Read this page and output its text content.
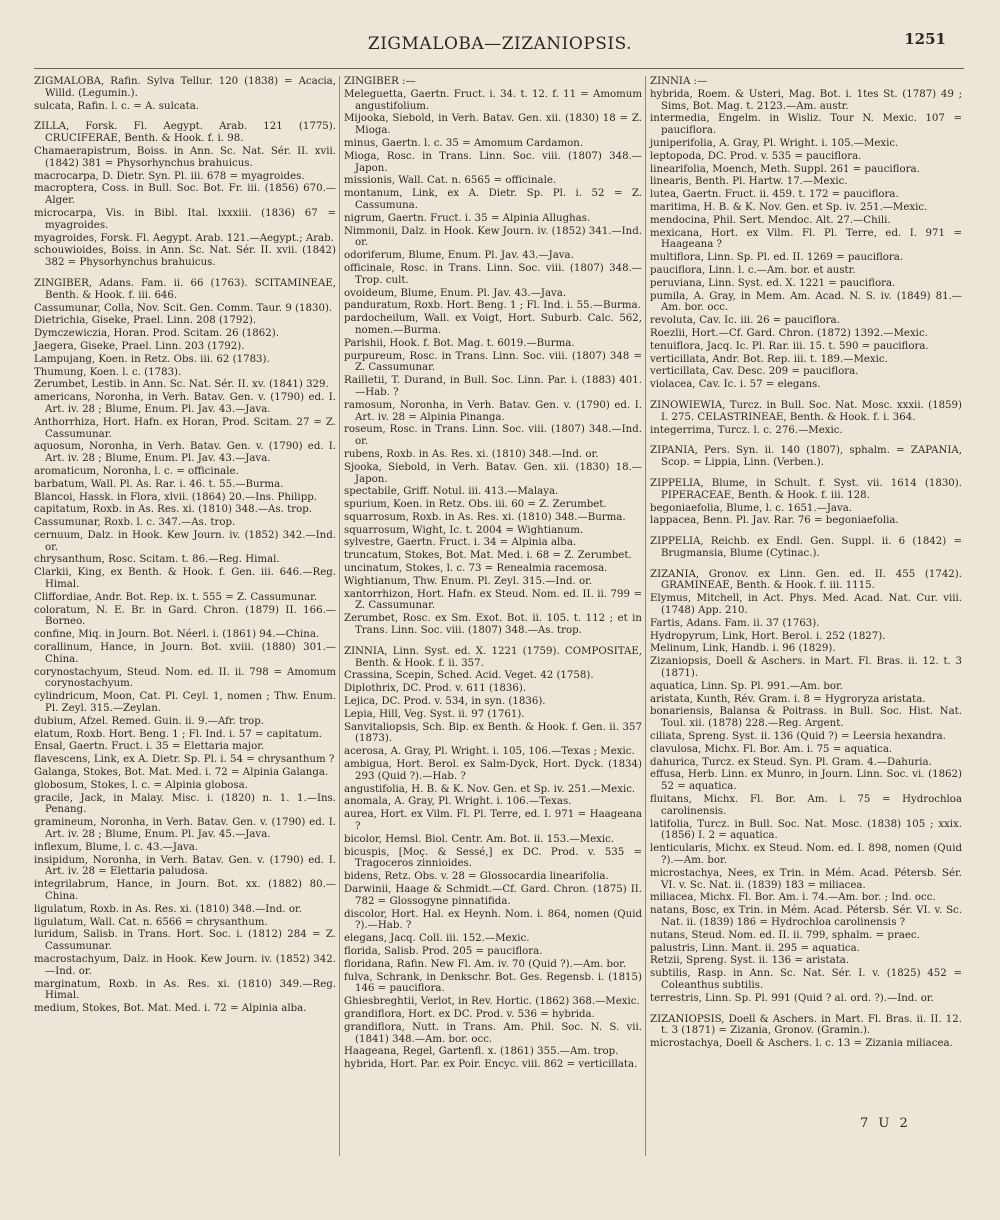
ZIGMALOBA—ZIZANIOPSIS.	1251
ZIGMALOBA, Rafin. Sylva Tellur. 120 (1838) = Acacia, Willd. (Legumin.).
sulcata, Rafin. l. c. = A. sulcata.
ZILLA, Forsk. Fl. Aegypt. Arab. 121 (1775). CRUCIFERAE, Benth. & Hook. f. i. 98.
Chamaerapistrum, Boiss. in Ann. Sc. Nat. Sér. II. xvii. (1842) 381 = Physorhynchus brahuicus.
macrocarpa, D. Dietr. Syn. Pl. iii. 678 = myagroides.
macroptera, Coss. in Bull. Soc. Bot. Fr. iii. (1856) 670.—Alger.
microcarpa, Vis. in Bibl. Ital. lxxxiii. (1836) 67 = myagroides.
myagroides, Forsk. Fl. Aegypt. Arab. 121.—Aegypt.; Arab.
schouwioides, Boiss. in Ann. Sc. Nat. Sér. II. xvii. (1842) 382 = Physorhynchus brahuicus.
ZINGIBER, Adans. Fam. ii. 66 (1763). SCITAMINEAE, Benth. & Hook. f. iii. 646.
Cassumunar, Colla, Nov. Scit. Gen. Comm. Taur. 9 (1830).
Dietrichia, Giseke, Prael. Linn. 208 (1792).
Dymczewiczia, Horan. Prod. Scitam. 26 (1862).
Jaegera, Giseke, Prael. Linn. 203 (1792).
Lampujang, Koen. in Retz. Obs. iii. 62 (1783).
Thumung, Koen. l. c. (1783).
Zerumbet, Lestib. in Ann. Sc. Nat. Sér. II. xv. (1841) 329.
americans, Noronha, in Verh. Batav. Gen. v. (1790) ed. I. Art. iv. 28 ; Blume, Enum. Pl. Jav. 43.—Java.
Anthorrhiza, Hort. Hafn. ex Horan, Prod. Scitam. 27 = Z. Cassumunar.
aquosum, Noronha, in Verh. Batav. Gen. v. (1790) ed. I. Art. iv. 28 ; Blume, Enum. Pl. Jav. 43.—Java.
aromaticum, Noronha, l. c. = officinale.
barbatum, Wall. Pl. As. Rar. i. 46. t. 55.—Burma.
Blancoi, Hassk. in Flora, xlvii. (1864) 20.—Ins. Philipp.
capitatum, Roxb. in As. Res. xi. (1810) 348.—As. trop.
Cassumunar, Roxb. l. c. 347.—As. trop.
cernuum, Dalz. in Hook. Kew Journ. iv. (1852) 342.—Ind. or.
chrysanthum, Rosc. Scitam. t. 86.—Reg. Himal.
Clarkii, King, ex Benth. & Hook. f. Gen. iii. 646.—Reg. Himal.
Cliffordiae, Andr. Bot. Rep. ix. t. 555 = Z. Cassumunar.
coloratum, N. E. Br. in Gard. Chron. (1879) II. 166.—Borneo.
confine, Miq. in Journ. Bot. Néerl. i. (1861) 94.—China.
corallinum, Hance, in Journ. Bot. xviii. (1880) 301.—China.
corynostachyum, Steud. Nom. ed. II. ii. 798 = Amomum corynostachyum.
cylindricum, Moon, Cat. Pl. Ceyl. 1, nomen ; Thw. Enum. Pl. Zeyl. 315.—Zeylan.
dubium, Afzel. Remed. Guin. ii. 9.—Afr. trop.
elatum, Roxb. Hort. Beng. 1 ; Fl. Ind. i. 57 = capitatum.
Ensal, Gaertn. Fruct. i. 35 = Elettaria major.
flavescens, Link, ex A. Dietr. Sp. Pl. i. 54 = chrysanthum ?
Galanga, Stokes, Bot. Mat. Med. i. 72 = Alpinia Galanga.
globosum, Stokes, l. c. = Alpinia globosa.
gracile, Jack, in Malay. Misc. i. (1820) n. 1. 1.—Ins. Penang.
gramineum, Noronha, in Verh. Batav. Gen. v. (1790) ed. I. Art. iv. 28 ; Blume, Enum. Pl. Jav. 45.—Java.
inflexum, Blume, l. c. 43.—Java.
insipidum, Noronha, in Verh. Batav. Gen. v. (1790) ed. I. Art. iv. 28 = Elettaria paludosa.
integrilabrum, Hance, in Journ. Bot. xx. (1882) 80.—China.
ligulatum, Roxb. in As. Res. xi. (1810) 348.—Ind. or.
ligulatum, Wall. Cat. n. 6566 = chrysanthum.
luridum, Salisb. in Trans. Hort. Soc. i. (1812) 284 = Z. Cassumunar.
macrostachyum, Dalz. in Hook. Kew Journ. iv. (1852) 342.—Ind. or.
marginatum, Roxb. in As. Res. xi. (1810) 349.—Reg. Himal.
medium, Stokes, Bot. Mat. Med. i. 72 = Alpinia alba.
ZINGIBER :—
Meleguetta, Gaertn. Fruct. i. 34. t. 12. f. 11 = Amomum angustifolium.
Mijooka, Siebold, in Verh. Batav. Gen. xii. (1830) 18 = Z. Mioga.
minus, Gaertn. l. c. 35 = Amomum Cardamon.
Mioga, Rosc. in Trans. Linn. Soc. viii. (1807) 348.—Japon.
missionis, Wall. Cat. n. 6565 = officinale.
montanum, Link, ex A. Dietr. Sp. Pl. i. 52 = Z. Cassumuna.
nigrum, Gaertn. Fruct. i. 35 = Alpinia Allughas.
Nimmonii, Dalz. in Hook. Kew Journ. iv. (1852) 341.—Ind. or.
odoriferum, Blume, Enum. Pl. Jav. 43.—Java.
officinale, Rosc. in Trans. Linn. Soc. viii. (1807) 348.—Trop. cult.
ovoideum, Blume, Enum. Pl. Jav. 43.—Java.
panduratum, Roxb. Hort. Beng. 1 ; Fl. Ind. i. 55.—Burma.
pardocheilum, Wall. ex Voigt, Hort. Suburb. Calc. 562, nomen.—Burma.
Parishii, Hook. f. Bot. Mag. t. 6019.—Burma.
purpureum, Rosc. in Trans. Linn. Soc. viii. (1807) 348 = Z. Cassumunar.
Railletii, T. Durand, in Bull. Soc. Linn. Par. i. (1883) 401.—Hab. ?
ramosum, Noronha, in Verh. Batav. Gen. v. (1790) ed. I. Art. iv. 28 = Alpinia Pinanga.
roseum, Rosc. in Trans. Linn. Soc. viii. (1807) 348.—Ind. or.
rubens, Roxb. in As. Res. xi. (1810) 348.—Ind. or.
Sjooka, Siebold, in Verh. Batav. Gen. xii. (1830) 18.—Japon.
spectabile, Griff. Notul. iii. 413.—Malaya.
spurium, Koen. in Retz. Obs. iii. 60 = Z. Zerumbet.
squarrosum, Roxb. in As. Res. xi. (1810) 348.—Burma.
squarrosum, Wight, Ic. t. 2004 = Wightianum.
sylvestre, Gaertn. Fruct. i. 34 = Alpinia alba.
truncatum, Stokes, Bot. Mat. Med. i. 68 = Z. Zerumbet.
uncinatum, Stokes, l. c. 73 = Renealmia racemosa.
Wightianum, Thw. Enum. Pl. Zeyl. 315.—Ind. or.
xantorrhizon, Hort. Hafn. ex Steud. Nom. ed. II. ii. 799 = Z. Cassumunar.
Zerumbet, Rosc. ex Sm. Exot. Bot. ii. 105. t. 112 ; et in Trans. Linn. Soc. viii. (1807) 348.—As. trop.
ZINNIA, Linn. Syst. ed. X. 1221 (1759). COMPOSITAE, Benth. & Hook. f. ii. 357.
Crassina, Scepin, Sched. Acid. Veget. 42 (1758).
Diplothrix, DC. Prod. v. 611 (1836).
Lejica, DC. Prod. v. 534, in syn. (1836).
Lepia, Hill, Veg. Syst. ii. 97 (1761).
Sanvitaliopsis, Sch. Bip. ex Benth. & Hook. f. Gen. ii. 357 (1873).
acerosa, A. Gray, Pl. Wright. i. 105, 106.—Texas ; Mexic.
ambigua, Hort. Berol. ex Salm-Dyck, Hort. Dyck. (1834) 293 (Quid ?).—Hab. ?
angustifolia, H. B. & K. Nov. Gen. et Sp. iv. 251.—Mexic.
anomala, A. Gray, Pl. Wright. i. 106.—Texas.
aurea, Hort. ex Vilm. Fl. Pl. Terre, ed. I. 971 = Haageana ?
bicolor, Hemsl. Biol. Centr. Am. Bot. ii. 153.—Mexic.
bicuspis, [Moç. & Sessé,] ex DC. Prod. v. 535 = Tragoceros zinnioides.
bidens, Retz. Obs. v. 28 = Glossocardia linearifolia.
Darwinii, Haage & Schmidt.—Cf. Gard. Chron. (1875) II. 782 = Glossogyne pinnatifida.
discolor, Hort. Hal. ex Heynh. Nom. i. 864, nomen (Quid ?).—Hab. ?
elegans, Jacq. Coll. iii. 152.—Mexic.
florida, Salisb. Prod. 205 = pauciflora.
floridana, Rafin. New Fl. Am. iv. 70 (Quid ?).—Am. bor.
fulva, Schrank, in Denkschr. Bot. Ges. Regensb. i. (1815) 146 = pauciflora.
Ghiesbreghtii, Verlot, in Rev. Hortic. (1862) 368.—Mexic.
grandiflora, Hort. ex DC. Prod. v. 536 = hybrida.
grandiflora, Nutt. in Trans. Am. Phil. Soc. N. S. vii. (1841) 348.—Am. bor. occ.
Haageana, Regel, Gartenfl. x. (1861) 355.—Am. trop.
hybrida, Hort. Par. ex Poir. Encyc. viii. 862 = verticillata.
ZINNIA :—
hybrida, Roem. & Usteri, Mag. Bot. i. 1tes St. (1787) 49 ; Sims, Bot. Mag. t. 2123.—Am. austr.
intermedia, Engelm. in Wisliz. Tour N. Mexic. 107 = pauciflora.
juniperifolia, A. Gray, Pl. Wright. i. 105.—Mexic.
leptopoda, DC. Prod. v. 535 = pauciflora.
linearifolia, Moench, Meth. Suppl. 261 = pauciflora.
linearis, Benth. Pl. Hartw. 17.—Mexic.
lutea, Gaertn. Fruct. ii. 459. t. 172 = pauciflora.
maritima, H. B. & K. Nov. Gen. et Sp. iv. 251.—Mexic.
mendocina, Phil. Sert. Mendoc. Alt. 27.—Chili.
mexicana, Hort. ex Vilm. Fl. Pl. Terre, ed. I. 971 = Haageana ?
multiflora, Linn. Sp. Pl. ed. II. 1269 = pauciflora.
pauciflora, Linn. l. c.—Am. bor. et austr.
peruviana, Linn. Syst. ed. X. 1221 = pauciflora.
pumila, A. Gray, in Mem. Am. Acad. N. S. iv. (1849) 81.—Am. bor. occ.
revoluta, Cav. Ic. iii. 26 = pauciflora.
Roezlii, Hort.—Cf. Gard. Chron. (1872) 1392.—Mexic.
tenuiflora, Jacq. Ic. Pl. Rar. iii. 15. t. 590 = pauciflora.
verticillata, Andr. Bot. Rep. iii. t. 189.—Mexic.
verticillata, Cav. Desc. 209 = pauciflora.
violacea, Cav. Ic. i. 57 = elegans.
ZINOWIEWIA, Turcz. in Bull. Soc. Nat. Mosc. xxxii. (1859) I. 275. CELASTRINEAE, Benth. & Hook. f. i. 364.
integerrima, Turcz. l. c. 276.—Mexic.
ZIPANIA, Pers. Syn. ii. 140 (1807), sphalm. = ZAPANIA, Scop. = Lippia, Linn. (Verben.).
ZIPPELIA, Blume, in Schult. f. Syst. vii. 1614 (1830). PIPERACEAE, Benth. & Hook. f. iii. 128.
begoniaefolia, Blume, l. c. 1651.—Java.
lappacea, Benn. Pl. Jav. Rar. 76 = begoniaefolia.
ZIPPELIA, Reichb. ex Endl. Gen. Suppl. ii. 6 (1842) = Brugmansia, Blume (Cytinac.).
ZIZANIA, Gronov. ex Linn. Gen. ed. II. 455 (1742). GRAMINEAE, Benth. & Hook. f. iii. 1115.
Elymus, Mitchell, in Act. Phys. Med. Acad. Nat. Cur. viii. (1748) App. 210.
Fartis, Adans. Fam. ii. 37 (1763).
Hydropyrum, Link, Hort. Berol. i. 252 (1827).
Melinum, Link, Handb. i. 96 (1829).
Zizaniopsis, Doell & Aschers. in Mart. Fl. Bras. ii. 12. t. 3 (1871).
aquatica, Linn. Sp. Pl. 991.—Am. bor.
aristata, Kunth, Rév. Gram. i. 8 = Hygroryza aristata.
bonariensis, Balansa & Poitrass. in Bull. Soc. Hist. Nat. Toul. xii. (1878) 228.—Reg. Argent.
ciliata, Spreng. Syst. ii. 136 (Quid ?) = Leersia hexandra.
clavulosa, Michx. Fl. Bor. Am. i. 75 = aquatica.
dahurica, Turcz. ex Steud. Syn. Pl. Gram. 4.—Dahuria.
effusa, Herb. Linn. ex Munro, in Journ. Linn. Soc. vi. (1862) 52 = aquatica.
fluitans, Michx. Fl. Bor. Am. i. 75 = Hydrochloa carolinensis.
latifolia, Turcz. in Bull. Soc. Nat. Mosc. (1838) 105 ; xxix. (1856) I. 2 = aquatica.
lenticularis, Michx. ex Steud. Nom. ed. I. 898, nomen (Quid ?).—Am. bor.
microstachya, Nees, ex Trin. in Mém. Acad. Pétersb. Sér. VI. v. Sc. Nat. ii. (1839) 183 = miliacea.
miliacea, Michx. Fl. Bor. Am. i. 74.—Am. bor. ; Ind. occ.
natans, Bosc, ex Trin. in Mém. Acad. Pétersb. Sér. VI. v. Sc. Nat. ii. (1839) 186 = Hydrochloa carolinensis ?
nutans, Steud. Nom. ed. II. ii. 799, sphalm. = praec.
palustris, Linn. Mant. ii. 295 = aquatica.
Retzii, Spreng. Syst. ii. 136 = aristata.
subtilis, Rasp. in Ann. Sc. Nat. Sér. I. v. (1825) 452 = Coleanthus subtilis.
terrestris, Linn. Sp. Pl. 991 (Quid ? al. ord. ?).—Ind. or.
ZIZANIOPSIS, Doell & Aschers. in Mart. Fl. Bras. ii. II. 12. t. 3 (1871) = Zizania, Gronov. (Gramin.).
microstachya, Doell & Aschers. l. c. 13 = Zizania miliacea.
7 U 2
